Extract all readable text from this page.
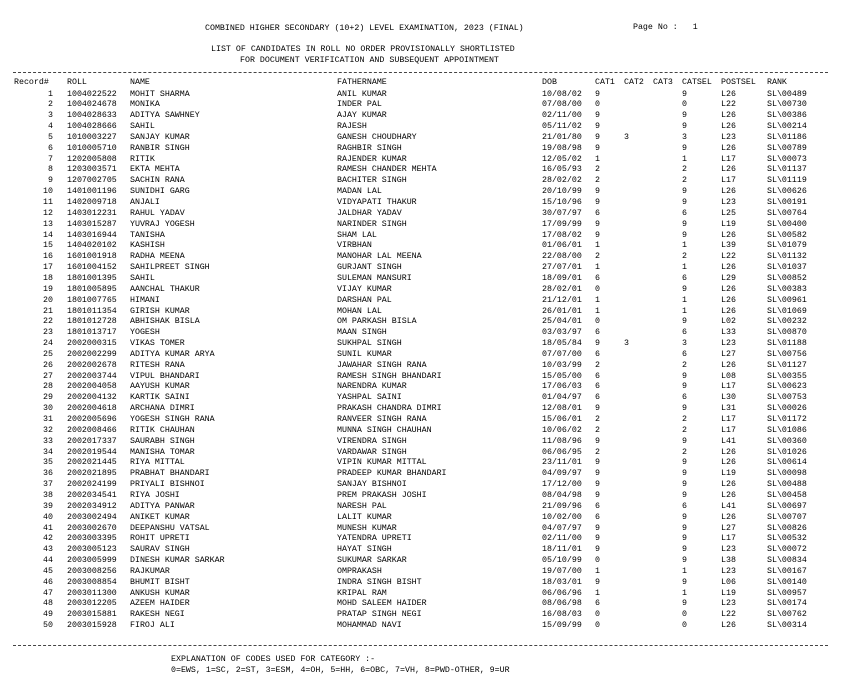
Page No : 1

COMBINED HIGHER SECONDARY (10+2) LEVEL EXAMINATION, 2023 (FINAL)
LIST OF CANDIDATES IN ROLL NO ORDER PROVISIONALLY SHORTLISTED
FOR DOCUMENT VERIFICATION AND SUBSEQUENT APPOINTMENT
Record# ROLL	NAME	FATHERNAME	DOB	CAT1 CAT2 CAT3 CATSEL POSTSEL RANK
1 1004022522 MOHIT SHARMA	ANIL KUMAR	10/08/02 9	9	L26	SL\00489
2 1004024678 MONIKA	INDER PAL	07/08/00 0	0	L22	SL\00730
3 1004028633 ADITYA SAWHNEY	AJAY KUMAR	02/11/00 9	9	L26	SL\00386
4 1004028666 SAHIL	RAJESH	05/11/02 9	9	L26	SL\00214
5 1010003227 SANJAY KUMAR	GANESH CHOUDHARY	21/01/80 9	3	3	L23	SL\01186
6 1010005710 RANBIR SINGH	RAGHBIR SINGH	19/08/98 9	9	L26	SL\00789
7 1202005808 RITIK	RAJENDER KUMAR	12/05/02 1	1	L17	SL\00073
8 1203003571 EKTA MEHTA	RAMESH CHANDER MEHTA	16/05/93 2	2	L26	SL\01137
9 1207002705 SACHIN RANA	BACHITER SINGH	28/02/02 2	2	L17	SL\01119
10 1401001196 SUNIDHI GARG	MADAN LAL	20/10/99 9	9	L26	SL\00626
11 1402009718 ANJALI	VIDYAPATI THAKUR	15/10/96 9	9	L23	SL\00191
12 1403012231 RAHUL YADAV	JALDHAR YADAV	30/07/97 6	6	L25	SL\00764
13 1403015287 YUVRAJ YOGESH	NARINDER SINGH	17/09/99 9	9	L19	SL\00400
14 1403016944 TANISHA	SHAM LAL	17/08/02 9	9	L26	SL\00582
15 1404020102 KASHISH	VIRBHAN	01/06/01 1	1	L39	SL\01079
16 1601001918 RADHA MEENA	MANOHAR LAL MEENA	22/08/00 2	2	L22	SL\01132
17 1601004152 SAHILPREET SINGH	GURJANT SINGH	27/07/01 1	1	L26	SL\01037
18 1801001395 SAHIL	SULEMAN MANSURI	18/09/01 6	6	L29	SL\00852
19 1801005895 AANCHAL THAKUR	VIJAY KUMAR	28/02/01 0	9	L26	SL\00383
20 1801007765 HIMANI	DARSHAN PAL	21/12/01 1	1	L26	SL\00961
21 1801011354 GIRISH KUMAR	MOHAN LAL	26/01/01 1	1	L26	SL\01069
22 1801012728 ABHISHAK BISLA	OM PARKASH BISLA	25/04/01 0	9	L02	SL\00232
23 1801013717 YOGESH	MAAN SINGH	03/03/97 6	6	L33	SL\00870
24 2002000315 VIKAS TOMER	SUKHPAL SINGH	18/05/84 9	3	3	L23	SL\01188
25 2002002299 ADITYA KUMAR ARYA	SUNIL KUMAR	07/07/00 6	6	L27	SL\00756
26 2002002678 RITESH RANA	JAWAHAR SINGH RANA	10/03/99 2	2	L26	SL\01127
27 2002003744 VIPUL BHANDARI	RAMESH SINGH BHANDARI	15/05/00 6	9	L08	SL\00355
28 2002004058 AAYUSH KUMAR	NARENDRA KUMAR	17/06/03 6	9	L17	SL\00623
29 2002004132 KARTIK SAINI	YASHPAL SAINI	01/04/97 6	6	L30	SL\00753
30 2002004618 ARCHANA DIMRI	PRAKASH CHANDRA DIMRI	12/08/01 9	9	L31	SL\00026
31 2002005696 YOGESH SINGH RANA	RANVEER SINGH RANA	15/06/01 2	2	L17	SL\01172
32 2002008466 RITIK CHAUHAN	MUNNA SINGH CHAUHAN	10/06/02 2	2	L17	SL\01086
33 2002017337 SAURABH SINGH	VIRENDRA SINGH	11/08/96 9	9	L41	SL\00360
34 2002019544 MANISHA TOMAR	VARDAWAR SINGH	06/06/95 2	2	L26	SL\01026
35 2002021445 RIYA MITTAL	VIPIN KUMAR MITTAL	23/11/01 9	9	L26	SL\00614
36 2002021895 PRABHAT BHANDARI	PRADEEP KUMAR BHANDARI	04/09/97 9	9	L19	SL\00098
37 2002024199 PRIYALI BISHNOI	SANJAY BISHNOI	17/12/00 9	9	L26	SL\00488
38 2002034541 RIYA JOSHI	PREM PRAKASH JOSHI	08/04/98 9	9	L26	SL\00458
39 2002034912 ADITYA PANWAR	NARESH PAL	21/09/96 6	6	L41	SL\00697
40 2003002494 ANIKET KUMAR	LALIT KUMAR	10/02/00 6	9	L26	SL\00707
41 2003002670 DEEPANSHU VATSAL	MUNESH KUMAR	04/07/97 9	9	L27	SL\00826
42 2003003395 ROHIT UPRETI	YATENDRA UPRETI	02/11/00 9	9	L17	SL\00532
43 2003005123 SAURAV SINGH	HAYAT SINGH	18/11/01 9	9	L23	SL\00072
44 2003005999 DINESH KUMAR SARKAR	SUKUMAR SARKAR	05/10/99 0	9	L38	SL\00834
45 2003008256 RAJKUMAR	OMPRAKASH	19/07/00 1	1	L23	SL\00167
46 2003008854 BHUMIT BISHT	INDRA SINGH BISHT	18/03/01 9	9	L06	SL\00140
47 2003011300 ANKUSH KUMAR	KRIPAL RAM	06/06/96 1	1	L19	SL\00957
48 2003012205 AZEEM HAIDER	MOHD SALEEM HAIDER	08/06/98 6	9	L23	SL\00174
49 2003015881 RAKESH NEGI	PRATAP SINGH NEGI	16/08/03 0	0	L22	SL\00762
50 2003015928 FIROJ ALI	MOHAMMAD NAVI	15/09/99 0	0	L26	SL\00314
EXPLANATION OF CODES USED FOR CATEGORY :-
0=EWS, 1=SC, 2=ST, 3=ESM, 4=OH, 5=HH, 6=OBC, 7=VH, 8=PWD-OTHER, 9=UR
